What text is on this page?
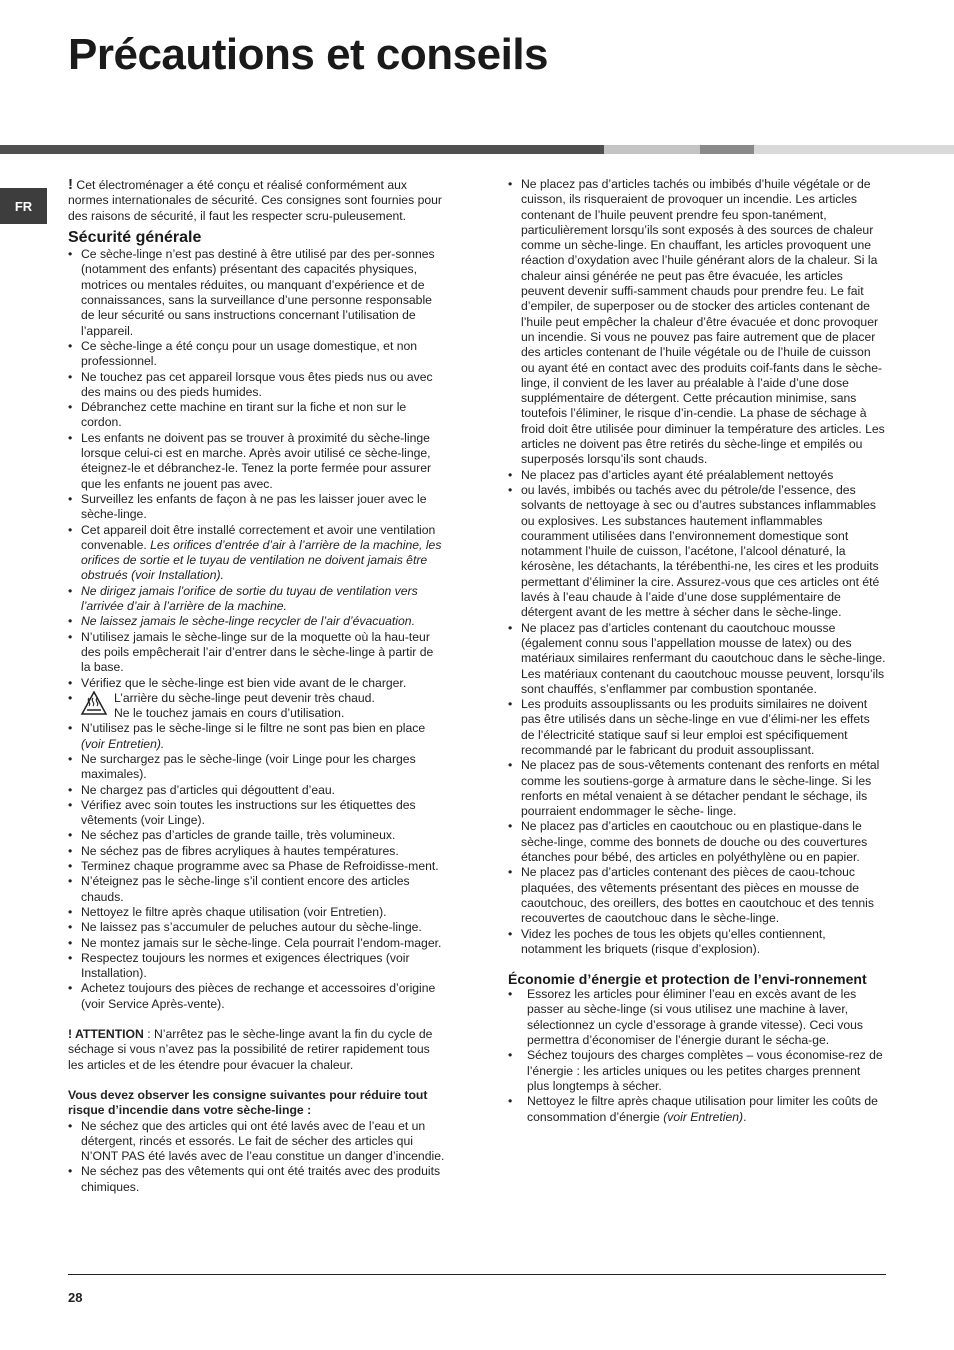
Précautions et conseils
FR

! Cet électroménager a été conçu et réalisé conformément aux normes internationales de sécurité. Ces consignes sont fournies pour des raisons de sécurité, il faut les respecter scru-puleusement.

Sécurité générale
• Ce sèche-linge n’est pas destiné à être utilisé par des per-sonnes (notamment des enfants) présentant des capacités physiques, motrices ou mentales réduites, ou manquant d’expérience et de connaissances, sans la surveillance d’une personne responsable de leur sécurité ou sans instructions concernant l’utilisation de l’appareil.
• Ce sèche-linge a été conçu pour un usage domestique, et non professionnel.
• Ne touchez pas cet appareil lorsque vous êtes pieds nus ou avec des mains ou des pieds humides.
• Débranchez cette machine en tirant sur la fiche et non sur le cordon.
• Les enfants ne doivent pas se trouver à proximité du sèche-linge lorsque celui-ci est en marche. Après avoir utilisé ce sèche-linge, éteignez-le et débranchez-le. Tenez la porte fermée pour assurer que les enfants ne jouent pas avec.
• Surveillez les enfants de façon à ne pas les laisser jouer avec le sèche-linge.
• Cet appareil doit être installé correctement et avoir une ventilation convenable. Les orifices d’entrée d’air à l’arrière de la machine, les orifices de sortie et le tuyau de ventilation ne doivent jamais être obstrués (voir Installation).
• Ne dirigez jamais l’orifice de sortie du tuyau de ventilation vers l’arrivée d’air à l’arrière de la machine.
• Ne laissez jamais le sèche-linge recycler de l’air d’évacuation.
• N’utilisez jamais le sèche-linge sur de la moquette où la hau-teur des poils empêcherait l’air d’entrer dans le sèche-linge à partir de la base.
• Vérifiez que le sèche-linge est bien vide avant de le charger.
• L’arrière du sèche-linge peut devenir très chaud.
Ne le touchez jamais en cours d’utilisation.
• N’utilisez pas le sèche-linge si le filtre ne sont pas bien en place (voir Entretien).
• Ne surchargez pas le sèche-linge (voir Linge pour les charges maximales).
• Ne chargez pas d’articles qui dégouttent d’eau.
• Vérifiez avec soin toutes les instructions sur les étiquettes des vêtements (voir Linge).
• Ne séchez pas d’articles de grande taille, très volumineux.
• Ne séchez pas de fibres acryliques à hautes températures.
• Terminez chaque programme avec sa Phase de Refroidisse-ment.
• N’éteignez pas le sèche-linge s’il contient encore des articles chauds.
• Nettoyez le filtre après chaque utilisation (voir Entretien).
• Ne laissez pas s’accumuler de peluches autour du sèche-linge.
• Ne montez jamais sur le sèche-linge. Cela pourrait l’endom-mager.
• Respectez toujours les normes et exigences électriques (voir Installation).
• Achetez toujours des pièces de rechange et accessoires d’origine (voir Service Après-vente).

! ATTENTION : N’arrêtez pas le sèche-linge avant la fin du cycle de séchage si vous n’avez pas la possibilité de retirer rapidement tous les articles et de les étendre pour évacuer la chaleur.

Vous devez observer les consigne suivantes pour réduire tout risque d’incendie dans votre sèche-linge :

• Ne séchez que des articles qui ont été lavés avec de l’eau et un détergent, rincés et essorés. Le fait de sécher des articles qui N’ONT PAS été lavés avec de l’eau constitue un danger d’incendie.
• Ne séchez pas des vêtements qui ont été traités avec des produits chimiques.
• Ne placez pas d’articles tachés ou imbibés d’huile végétale or de cuisson, ils risqueraient de provoquer un incendie. Les articles contenant de l’huile peuvent prendre feu spon-tanément, particulièrement lorsqu’ils sont exposés à des sources de chaleur comme un sèche-linge. En chauffant, les articles provoquent une réaction d’oxydation avec l’huile générant alors de la chaleur. Si la chaleur ainsi générée ne peut pas être évacuée, les articles peuvent devenir suffi-samment chauds pour prendre feu. Le fait d’empiler, de superposer ou de stocker des articles contenant de l’huile peut empêcher la chaleur d’être évacuée et donc provoquer un incendie. Si vous ne pouvez pas faire autrement que de placer des articles contenant de l’huile végétale ou de l’huile de cuisson ou ayant été en contact avec des produits coif-fants dans le sèche-linge, il convient de les laver au préalable à l’aide d’une dose supplémentaire de détergent. Cette précaution minimise, sans toutefois l’éliminer, le risque d’in-cendie. La phase de séchage à froid doit être utilisée pour diminuer la température des articles. Les articles ne doivent pas être retirés du sèche-linge et empilés ou superposés lorsqu’ils sont chauds.
• Ne placez pas d’articles ayant été préalablement nettoyés
• ou lavés, imbibés ou tachés avec du pétrole/de l’essence, des solvants de nettoyage à sec ou d’autres substances inflammables ou explosives. Les substances hautement inflammables couramment utilisées dans l’environnement domestique sont notamment l’huile de cuisson, l’acétone, l’alcool dénaturé, la kérosène, les détachants, la térébenthi-ne, les cires et les produits permettant d’éliminer la cire. Assurez-vous que ces articles ont été lavés à l’eau chaude à l’aide d’une dose supplémentaire de détergent avant de les mettre à sécher dans le sèche-linge.
• Ne placez pas d’articles contenant du caoutchouc mousse (également connu sous l’appellation mousse de latex) ou des matériaux similaires renfermant du caoutchouc dans le sèche-linge. Les matériaux contenant du caoutchouc mousse peuvent, lorsqu’ils sont chauffés, s’enflammer par combustion spontanée.
• Les produits assouplissants ou les produits similaires ne doivent pas être utilisés dans un sèche-linge en vue d’élimi-ner les effets de l’électricité statique sauf si leur emploi est spécifiquement recommandé par le fabricant du produit assouplissant.
• Ne placez pas de sous-vêtements contenant des renforts en métal comme les soutiens-gorge à armature dans le sèche-linge. Si les renforts en métal venaient à se détacher pendant le séchage, ils pourraient endommager le sèche- linge.
• Ne placez pas d’articles en caoutchouc ou en plastique-dans le sèche-linge, comme des bonnets de douche ou des couvertures étanches pour bébé, des articles en polyéthylène ou en papier.
• Ne placez pas d’articles contenant des pièces de caou-tchouc plaquées, des vêtements présentant des pièces en mousse de caoutchouc, des oreillers, des bottes en caoutchouc et des tennis recouvertes de caoutchouc dans le sèche-linge.
• Videz les poches de tous les objets qu’elles contiennent, notamment les briquets (risque d’explosion).
Économie d’énergie et protection de l’envi-ronnement
• Essorez les articles pour éliminer l’eau en excès avant de les passer au sèche-linge (si vous utilisez une machine à laver, sélectionnez un cycle d’essorage à grande vitesse). Ceci vous permettra d’économiser de l’énergie durant le sécha-ge.
• Séchez toujours des charges complètes – vous économise-rez de l’énergie : les articles uniques ou les petites charges prennent plus longtemps à sécher.
• Nettoyez le filtre après chaque utilisation pour limiter les coûts de consommation d’énergie (voir Entretien).
28
